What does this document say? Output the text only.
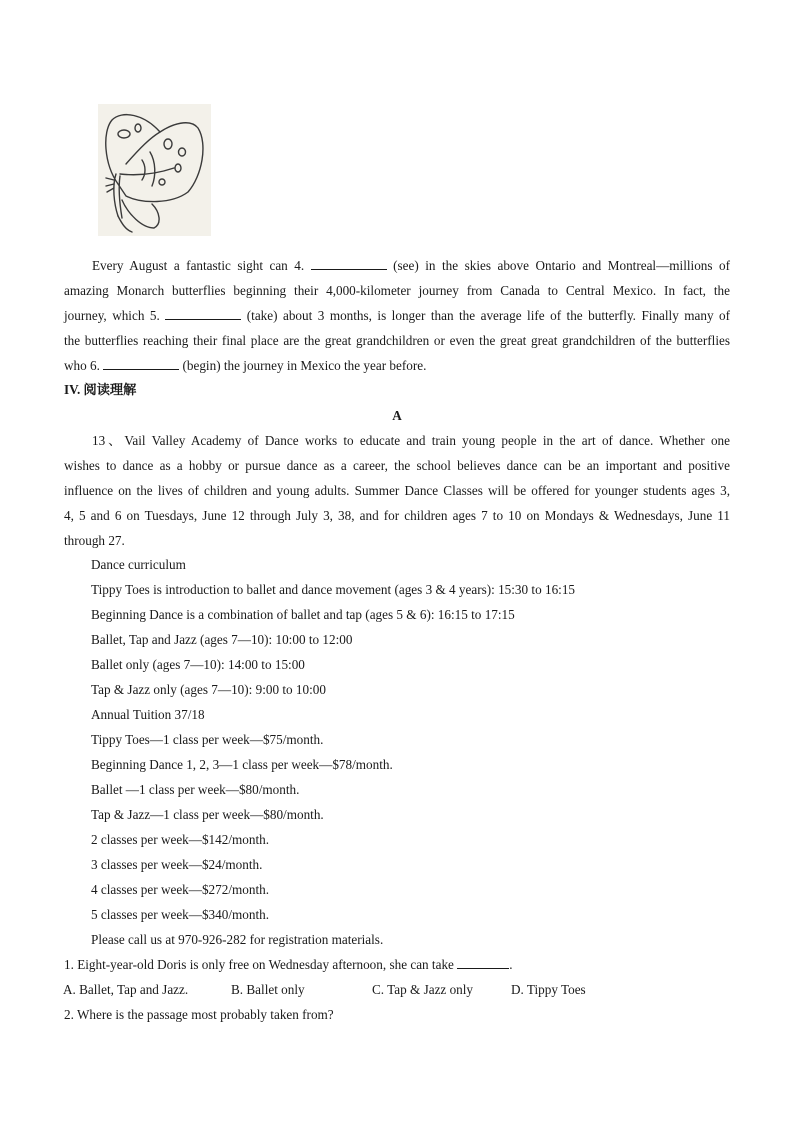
Every August a fantastic sight can 4.	(see) in the skies above Ontario and Montreal—millions of
amazing Monarch butterflies beginning their 4,000-kilometer journey from Canada to Central Mexico. In fact, the
journey, which 5.	(take) about 3 months, is longer than the average life of the butterfly. Finally many of
the butterflies reaching their final place are the great grandchildren or even the great great grandchildren of the butterflies
who 6.	(begin) the journey in Mexico the year before.
IV. 阅读理解
A
13、Vail Valley Academy of Dance works to educate and train young people in the art of dance. Whether one
wishes to dance as a hobby or pursue dance as a career, the school believes dance can be an important and positive
influence on the lives of children and young adults. Summer Dance Classes will be offered for younger students ages 3,
4, 5 and 6 on Tuesdays, June 12 through July 3, 38, and for children ages 7 to 10 on Mondays & Wednesdays, June 11
through 27.
Dance curriculum
Tippy Toes is introduction to ballet and dance movement (ages 3 & 4 years): 15:30 to 16:15
Beginning Dance is a combination of ballet and tap (ages 5 & 6): 16:15 to 17:15
Ballet, Tap and Jazz (ages 7—10): 10:00 to 12:00
Ballet only (ages 7—10): 14:00 to 15:00
Tap & Jazz only (ages 7—10): 9:00 to 10:00
Annual Tuition 37/18
Tippy Toes—1 class per week—$75/month.
Beginning Dance 1, 2, 3—1 class per week—$78/month.
Ballet —1 class per week—$80/month.
Tap & Jazz—1 class per week—$80/month.
2 classes per week—$142/month.
3 classes per week—$24/month.
4 classes per week—$272/month.
5 classes per week—$340/month.
Please call us at 970-926-282 for registration materials.
1. Eight-year-old Doris is only free on Wednesday afternoon, she can take	.
A. Ballet, Tap and Jazz.	B. Ballet only	C. Tap & Jazz only	D. Tippy Toes
2. Where is the passage most probably taken from?
